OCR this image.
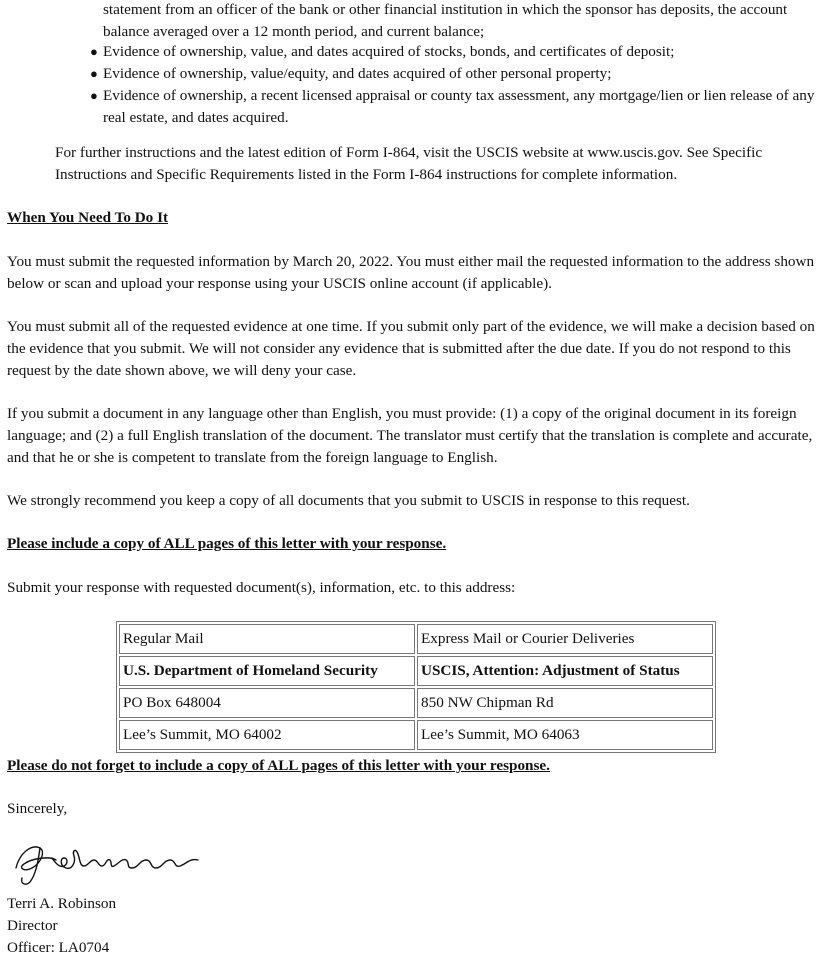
statement from an officer of the bank or other financial institution in which the sponsor has deposits, the account balance averaged over a 12 month period, and current balance;
● Evidence of ownership, value, and dates acquired of stocks, bonds, and certificates of deposit;
● Evidence of ownership, value/equity, and dates acquired of other personal property;
● Evidence of ownership, a recent licensed appraisal or county tax assessment, any mortgage/lien or lien release of any real estate, and dates acquired.
For further instructions and the latest edition of Form I-864, visit the USCIS website at www.uscis.gov. See Specific Instructions and Specific Requirements listed in the Form I-864 instructions for complete information.
When You Need To Do It

You must submit the requested information by March 20, 2022. You must either mail the requested information to the address shown below or scan and upload your response using your USCIS online account (if applicable).

You must submit all of the requested evidence at one time. If you submit only part of the evidence, we will make a decision based on the evidence that you submit. We will not consider any evidence that is submitted after the due date. If you do not respond to this request by the date shown above, we will deny your case.

If you submit a document in any language other than English, you must provide: (1) a copy of the original document in its foreign language; and (2) a full English translation of the document. The translator must certify that the translation is complete and accurate, and that he or she is competent to translate from the foreign language to English.

We strongly recommend you keep a copy of all documents that you submit to USCIS in response to this request.

Please include a copy of ALL pages of this letter with your response.

Submit your response with requested document(s), information, etc. to this address:

Regular Mail	Express Mail or Courier Deliveries
U.S. Department of Homeland Security	USCIS, Attention: Adjustment of Status
PO Box 648004	850 NW Chipman Rd
Lee’s Summit, MO 64002	Lee’s Summit, MO 64063
Please do not forget to include a copy of ALL pages of this letter with your response.
Sincerely,
Terri A. Robinson
Director
Officer: LA0704
